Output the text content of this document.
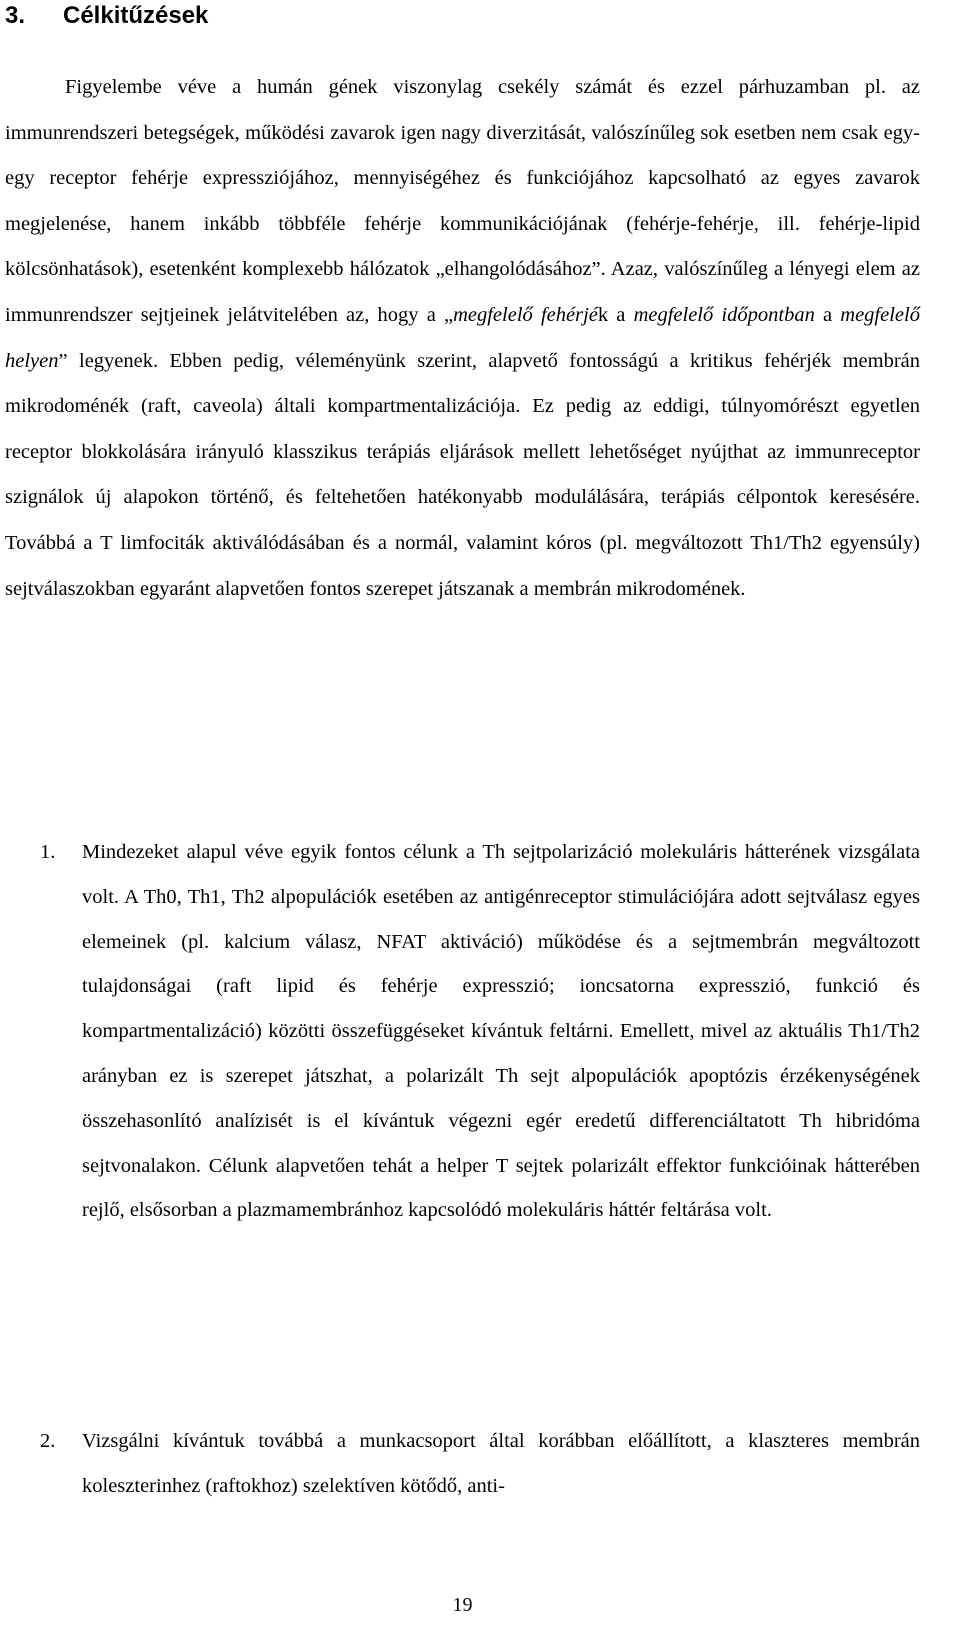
3. Célkitűzések

Figyelembe véve a humán gének viszonylag csekély számát és ezzel párhuzamban pl. az immunrendszeri betegségek, működési zavarok igen nagy diverzitását, valószínűleg sok esetben nem csak egy-egy receptor fehérje expressziójához, mennyiségéhez és funkciójához kapcsolható az egyes zavarok megjelenése, hanem inkább többféle fehérje kommunikációjának (fehérje-fehérje, ill. fehérje-lipid kölcsönhatások), esetenként komplexebb hálózatok „elhangolódásához”. Azaz, valószínűleg a lényegi elem az immunrendszer sejtjeinek jelátvitelében az, hogy a „megfelelő fehérjék a megfelelő időpontban a megfelelő helyen” legyenek. Ebben pedig, véleményünk szerint, alapvető fontosságú a kritikus fehérjék membrán mikrodoménék (raft, caveola) általi kompartmentalizációja. Ez pedig az eddigi, túlnyomórészt egyetlen receptor blokkolására irányuló klasszikus terápiás eljárások mellett lehetőséget nyújthat az immunreceptor szignálok új alapokon történő, és feltehetően hatékonyabb modulálására, terápiás célpontok keresésére. Továbbá a T limfociták aktiválódásában és a normál, valamint kóros (pl. megváltozott Th1/Th2 egyensúly) sejtválaszokban egyaránt alapvetően fontos szerepet játszanak a membrán mikrodomének.

1. Mindezeket alapul véve egyik fontos célunk a Th sejtpolarizáció molekuláris hátterének vizsgálata volt. A Th0, Th1, Th2 alpopulációk esetében az antigénreceptor stimulációjára adott sejtválasz egyes elemeinek (pl. kalcium válasz, NFAT aktiváció) működése és a sejtmembrán megváltozott tulajdonságai (raft lipid és fehérje expresszió; ioncsatorna expresszió, funkció és kompartmentalizáció) közötti összefüggéseket kívántuk feltárni. Emellett, mivel az aktuális Th1/Th2 arányban ez is szerepet játszhat, a polarizált Th sejt alpopulációk apoptózis érzékenységének összehasonlító analízisét is el kívántuk végezni egér eredetű differenciáltatott Th hibridóma sejtvonalakon. Célunk alapvetően tehát a helper T sejtek polarizált effektor funkcióinak hátterében rejlő, elsősorban a plazmamembránhoz kapcsolódó molekuláris háttér feltárása volt.

2. Vizsgálni kívántuk továbbá a munkacsoport által korábban előállított, a klaszteres membrán koleszterinhez (raftokhoz) szelektíven kötődő, anti-

19
